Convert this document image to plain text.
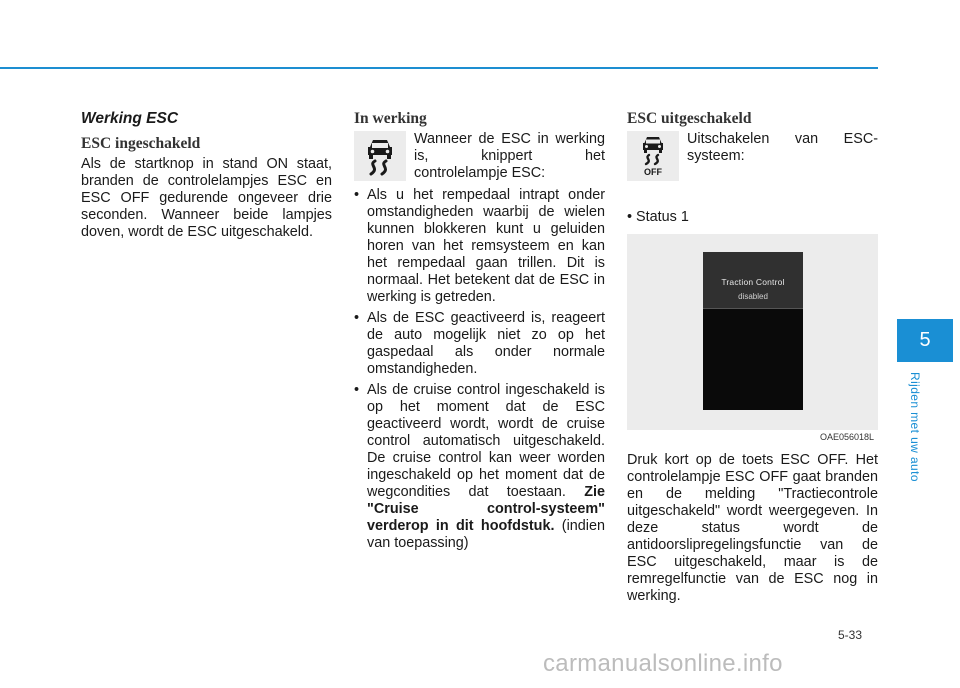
Werking ESC
ESC ingeschakeld

Als de startknop in stand ON staat, branden de controlelampjes ESC en ESC OFF gedurende ongeveer drie seconden. Wanneer beide lampjes doven, wordt de ESC uitgeschakeld.

In werking
Wanneer de ESC in werking is, knippert het controlelampje ESC:
• Als u het rempedaal intrapt onder omstandigheden waarbij de wielen kunnen blokkeren kunt u geluiden horen van het remsysteem en kan het rempedaal gaan trillen. Dit is normaal. Het betekent dat de ESC in werking is getreden.
• Als de ESC geactiveerd is, reageert de auto mogelijk niet zo op het gaspedaal als onder normale omstandigheden.
• Als de cruise control ingeschakeld is op het moment dat de ESC geactiveerd wordt, wordt de cruise control automatisch uitgeschakeld. De cruise control kan weer worden ingeschakeld op het moment dat de wegcondities dat toestaan. Zie "Cruise control-systeem" verderop in dit hoofdstuk. (indien van toepassing)
ESC uitgeschakeld
OFF
Uitschakelen van ESC-systeem:
• Status 1
Traction Control
disabled
OAE056018L

Druk kort op de toets ESC OFF. Het controlelampje ESC OFF gaat branden en de melding "Tractiecontrole uitgeschakeld" wordt weergegeven. In deze status wordt de antidoorslipregelingsfunctie van de ESC uitgeschakeld, maar is de remregelfunctie van de ESC nog in werking.

5
Rijden met uw auto
5-33
carmanualsonline.info
